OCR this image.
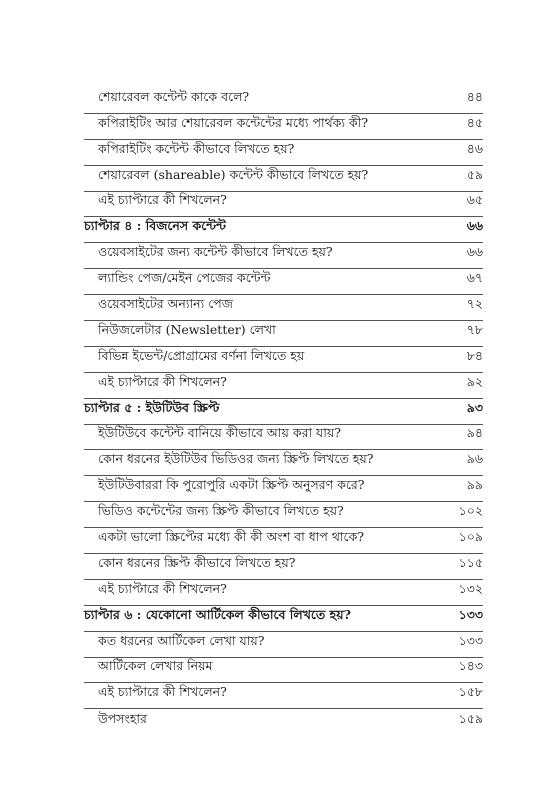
শেয়ারেবল কন্টেন্ট কাকে বলে?	৪৪
কপিরাইটিং আর শেয়ারেবল কন্টেন্টের মধ্যে পার্থক্য কী?	৪৫
কপিরাইটিং কন্টেন্ট কীভাবে লিখতে হয়?	৪৬
শেয়ারেবল (shareable) কন্টেন্ট কীভাবে লিখতে হয়?	৫৯
এই চ্যাপ্টারে কী শিখলেন?	৬৫
চ্যাপ্টার ৪ : বিজনেস কন্টেন্ট	৬৬
ওয়েবসাইটের জন্য কন্টেন্ট কীভাবে লিখতে হয়?	৬৬
ল্যান্ডিং পেজ/মেইন পেজের কন্টেন্ট	৬৭
ওয়েবসাইটের অন্যান্য পেজ	৭২
নিউজলেটার (Newsletter) লেখা	৭৮
বিভিন্ন ইভেন্ট/প্রোগ্রামের বর্ণনা লিখতে হয়	৮৪
এই চ্যাপ্টারে কী শিখলেন?	৯২
চ্যাপ্টার ৫ : ইউটিউব স্ক্রিপ্ট	৯৩
ইউটিউবে কন্টেন্ট বানিয়ে কীভাবে আয় করা যায়?	৯৪
কোন ধরনের ইউটিউব ভিডিওর জন্য স্ক্রিপ্ট লিখতে হয়?	৯৬
ইউটিউবাররা কি পুরোপুরি একটা স্ক্রিপ্ট অনুসরণ করে?	৯৯
ভিডিও কন্টেন্টের জন্য স্ক্রিপ্ট কীভাবে লিখতে হয়?	১০২
একটা ভালো স্ক্রিপ্টের মধ্যে কী কী অংশ বা ধাপ থাকে?	১০৯
কোন ধরনের স্ক্রিপ্ট কীভাবে লিখতে হয়?	১১৫
এই চ্যাপ্টারে কী শিখলেন?	১৩২
চ্যাপ্টার ৬ : যেকোনো আর্টিকেল কীভাবে লিখতে হয়?	১৩৩
কত ধরনের আর্টিকেল লেখা যায়?	১৩৩
আর্টিকেল লেখার নিয়ম	১৪৩
এই চ্যাপ্টারে কী শিখলেন?	১৫৮
উপসংহার	১৫৯
